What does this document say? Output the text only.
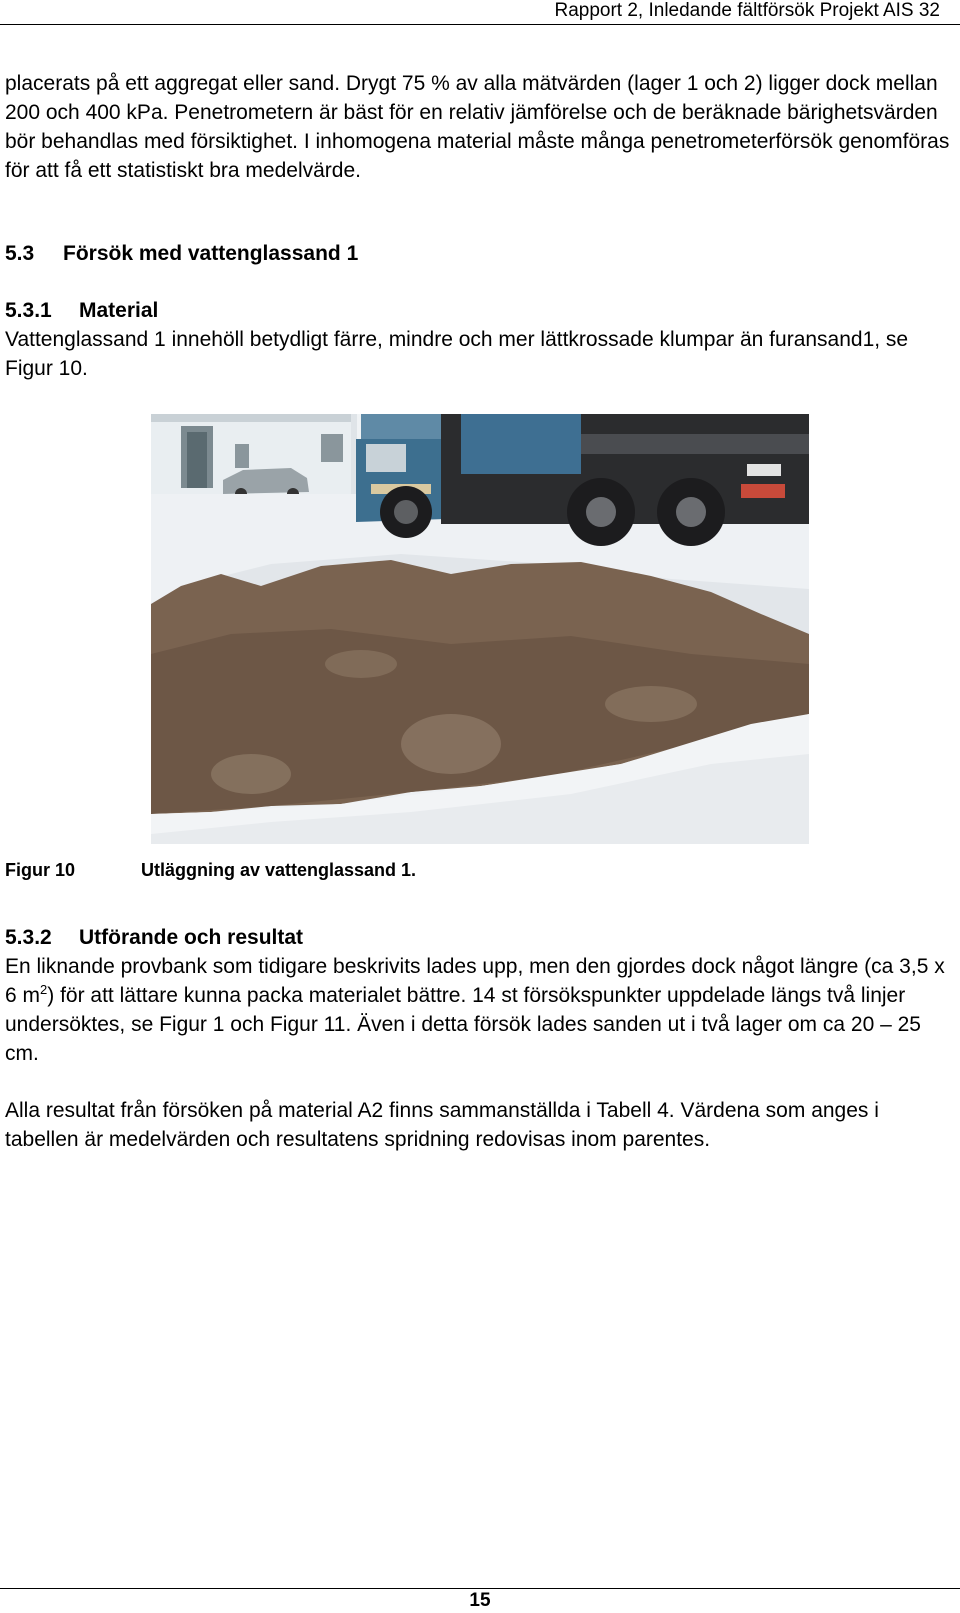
Rapport 2, Inledande fältförsök Projekt AIS 32

placerats på ett aggregat eller sand. Drygt 75 % av alla mätvärden (lager 1 och 2) ligger dock mellan 200 och 400 kPa. Penetrometern är bäst för en relativ jämförelse och de beräknade bärighetsvärden bör behandlas med försiktighet. I inhomogena material måste många penetrometerförsök genomföras för att få ett statistiskt bra medelvärde.

5.3 Försök med vattenglassand 1
5.3.1 Material

Vattenglassand 1 innehöll betydligt färre, mindre och mer lättkrossade klumpar än furansand1, se Figur 10.

Figur 10	Utläggning av vattenglassand 1.
5.3.2 Utförande och resultat

En liknande provbank som tidigare beskrivits lades upp, men den gjordes dock något längre (ca 3,5 x 6 $m^2$) för att lättare kunna packa materialet bättre. 14 st försökspunkter uppdelade längs två linjer undersöktes, se Figur 1 och Figur 11. Även i detta försök lades sanden ut i två lager om ca 20 – 25 cm.

Alla resultat från försöken på material A2 finns sammanställda i Tabell 4. Värdena som anges i tabellen är medelvärden och resultatens spridning redovisas inom parentes.

15
